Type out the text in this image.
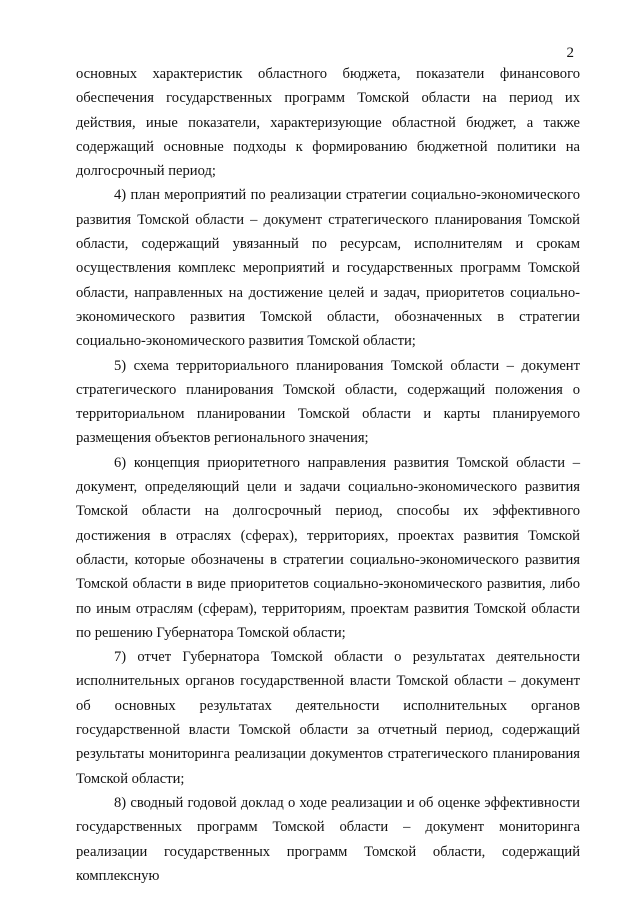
2

основных характеристик областного бюджета, показатели финансового обеспечения государственных программ Томской области на период их действия, иные показатели, характеризующие областной бюджет, а также содержащий основные подходы к формированию бюджетной политики на долгосрочный период;

4) план мероприятий по реализации стратегии социально-экономического развития Томской области – документ стратегического планирования Томской области, содержащий увязанный по ресурсам, исполнителям и срокам осуществления комплекс мероприятий и государственных программ Томской области, направленных на достижение целей и задач, приоритетов социально-экономического развития Томской области, обозначенных в стратегии социально-экономического развития Томской области;

5) схема территориального планирования Томской области – документ стратегического планирования Томской области, содержащий положения о территориальном планировании Томской области и карты планируемого размещения объектов регионального значения;

6) концепция приоритетного направления развития Томской области – документ, определяющий цели и задачи социально-экономического развития Томской области на долгосрочный период, способы их эффективного достижения в отраслях (сферах), территориях, проектах развития Томской области, которые обозначены в стратегии социально-экономического развития Томской области в виде приоритетов социально-экономического развития, либо по иным отраслям (сферам), территориям, проектам развития Томской области по решению Губернатора Томской области;

7) отчет Губернатора Томской области о результатах деятельности исполнительных органов государственной власти Томской области – документ об основных результатах деятельности исполнительных органов государственной власти Томской области за отчетный период, содержащий результаты мониторинга реализации документов стратегического планирования Томской области;

8) сводный годовой доклад о ходе реализации и об оценке эффективности государственных программ Томской области – документ мониторинга реализации государственных программ Томской области, содержащий комплексную
